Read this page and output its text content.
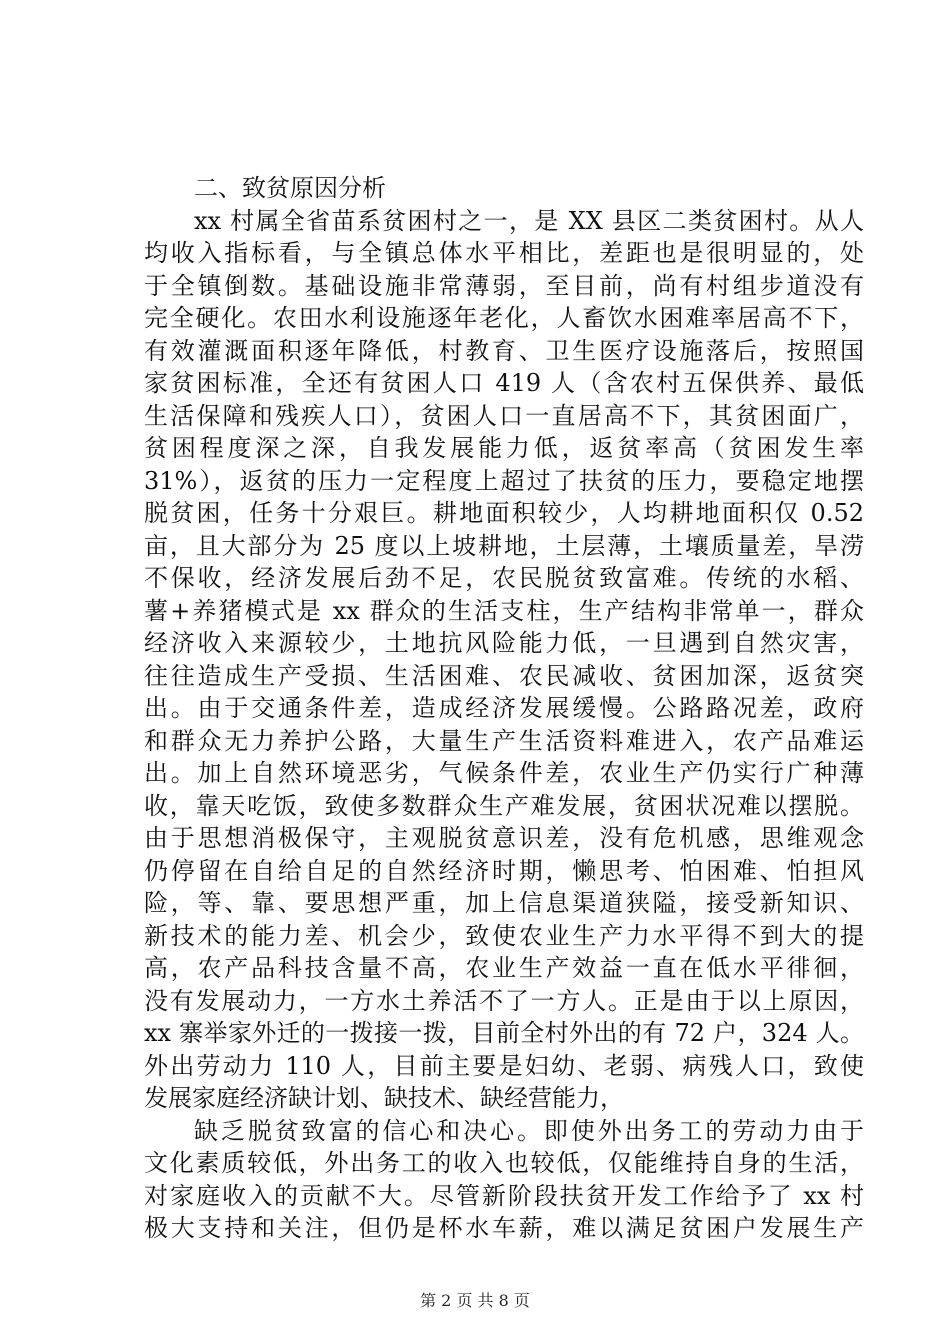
二、致贫原因分析
xx 村属全省苗系贫困村之一，是 XX 县区二类贫困村。从人
均收入指标看，与全镇总体水平相比，差距也是很明显的，处
于全镇倒数。基础设施非常薄弱，至目前，尚有村组步道没有
完全硬化。农田水利设施逐年老化，人畜饮水困难率居高不下，
有效灌溉面积逐年降低，村教育、卫生医疗设施落后，按照国
家贫困标准，全还有贫困人口 419 人（含农村五保供养、最低
生活保障和残疾人口），贫困人口一直居高不下，其贫困面广，
贫困程度深之深，自我发展能力低，返贫率高（贫困发生率
31%），返贫的压力一定程度上超过了扶贫的压力，要稳定地摆
脱贫困，任务十分艰巨。耕地面积较少，人均耕地面积仅 0.52
亩，且大部分为 25 度以上坡耕地，土层薄，土壤质量差，旱涝
不保收，经济发展后劲不足，农民脱贫致富难。传统的水稻、
薯+养猪模式是 xx 群众的生活支柱，生产结构非常单一，群众
经济收入来源较少，土地抗风险能力低，一旦遇到自然灾害，
往往造成生产受损、生活困难、农民减收、贫困加深，返贫突
出。由于交通条件差，造成经济发展缓慢。公路路况差，政府
和群众无力养护公路，大量生产生活资料难进入，农产品难运
出。加上自然环境恶劣，气候条件差，农业生产仍实行广种薄
收，靠天吃饭，致使多数群众生产难发展，贫困状况难以摆脱。
由于思想消极保守，主观脱贫意识差，没有危机感，思维观念
仍停留在自给自足的自然经济时期，懒思考、怕困难、怕担风
险，等、靠、要思想严重，加上信息渠道狭隘，接受新知识、
新技术的能力差、机会少，致使农业生产力水平得不到大的提
高，农产品科技含量不高，农业生产效益一直在低水平徘徊，
没有发展动力，一方水土养活不了一方人。正是由于以上原因，
xx 寨举家外迁的一拨接一拨，目前全村外出的有 72 户，324 人。
外出劳动力 110 人，目前主要是妇幼、老弱、病残人口，致使
发展家庭经济缺计划、缺技术、缺经营能力，
缺乏脱贫致富的信心和决心。即使外出务工的劳动力由于
文化素质较低，外出务工的收入也较低，仅能维持自身的生活，
对家庭收入的贡献不大。尽管新阶段扶贫开发工作给予了 xx 村
极大支持和关注，但仍是杯水车薪，难以满足贫困户发展生产
第 2 页 共 8 页
